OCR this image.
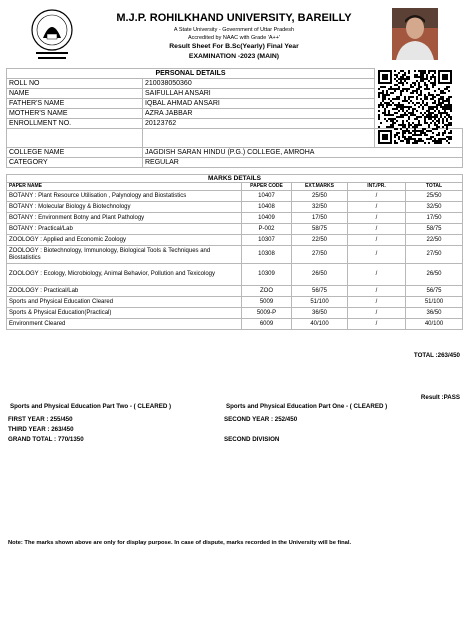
M.J.P. ROHILKHAND UNIVERSITY, BAREILLY
A State University - Government of Uttar Pradesh
Accredited by NAAC with Grade 'A++'
Result Sheet For B.Sc(Yearly) Final Year
EXAMINATION -2023 (MAIN)
PERSONAL DETAILS		
ROLL NO	210038050360	
NAME	SAIFULLAH ANSARI	
FATHER'S NAME	IQBAL AHMAD ANSARI	
MOTHER'S NAME	AZRA JABBAR	
ENROLLMENT NO.	20123762	

COLLEGE NAME	JAGDISH SARAN HINDU (P.G.) COLLEGE, AMROHA	
CATEGORY	REGULAR	
MARKS DETAILS				
PAPER NAME	PAPER CODE	EXT.MARKS	INT./PR.	TOTAL
BOTANY : Plant Resource Utilisation , Palynology and Biostatistics	10407	25/50	/	25/50
BOTANY : Molecular Biology & Biotechnology	10408	32/50	/	32/50
BOTANY : Environment Botny and Plant Pathology	10409	17/50	/	17/50
BOTANY : Practical/Lab	P-002	58/75	/	58/75
ZOOLOGY : Applied and Economic Zoology	10307	22/50	/	22/50
ZOOLOGY : Biotechnology, Immunology, Biological Tools & Techniques and Biostatistics	10308	27/50	/	27/50
ZOOLOGY : Ecology, Microbiology, Animal Behavior, Pollution and Texicology	10309	26/50	/	26/50
ZOOLOGY : Practical/Lab	ZOO	56/75	/	56/75
Sports and Physical Education Cleared	5009	51/100	/	51/100
Sports & Physical Education(Practical)	5009-P	36/50	/	36/50
Environment Cleared	6009	40/100	/	40/100
TOTAL :263/450
Result :PASS
Sports and Physical Education Part Two - ( CLEARED )	Sports and Physical Education Part One - ( CLEARED )
FIRST YEAR : 255/450	SECOND YEAR : 252/450
THIRD YEAR : 263/450
GRAND TOTAL : 770/1350	SECOND DIVISION
Note: The marks shown above are only for display purpose. In case of dispute, marks recorded in the University will be final.
